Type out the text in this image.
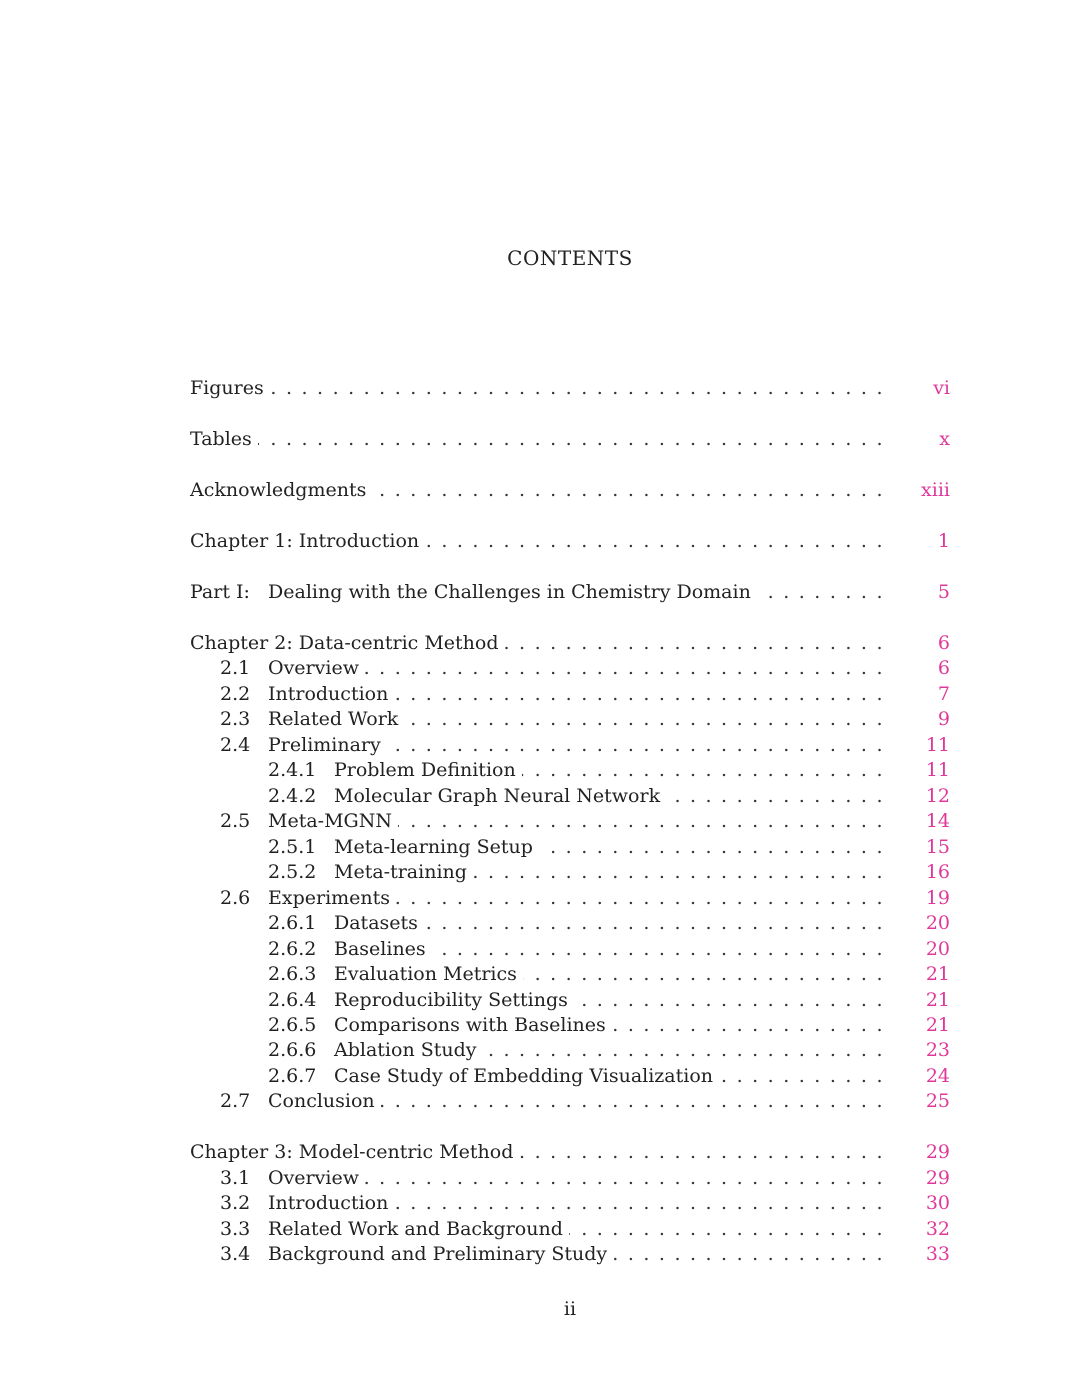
CONTENTS
Figures .....	vi
Tables .....	x
Acknowledgments .....	xiii
Chapter 1: Introduction .....	1
Part I:   Dealing with the Challenges in Chemistry Domain .....	5
Chapter 2: Data-centric Method .....	6
2.1 Overview .....	6
2.2 Introduction .....	7
2.3 Related Work .....	9
2.4 Preliminary .....	11
2.4.1 Problem Definition .....	11
2.4.2 Molecular Graph Neural Network .....	12
2.5 Meta-MGNN .....	14
2.5.1 Meta-learning Setup .....	15
2.5.2 Meta-training .....	16
2.6 Experiments .....	19
2.6.1 Datasets .....	20
2.6.2 Baselines .....	20
2.6.3 Evaluation Metrics .....	21
2.6.4 Reproducibility Settings .....	21
2.6.5 Comparisons with Baselines .....	21
2.6.6 Ablation Study .....	23
2.6.7 Case Study of Embedding Visualization .....	24
2.7 Conclusion .....	25
Chapter 3: Model-centric Method .....	29
3.1 Overview .....	29
3.2 Introduction .....	30
3.3 Related Work and Background .....	32
3.4 Background and Preliminary Study .....	33
ii
